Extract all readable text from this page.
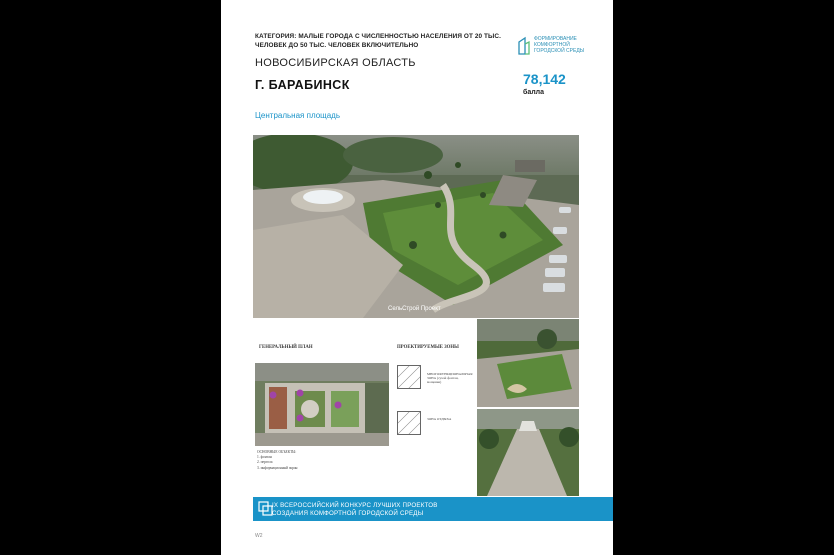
КАТЕГОРИЯ: МАЛЫЕ ГОРОДА С ЧИСЛЕННОСТЬЮ НАСЕЛЕНИЯ ОТ 20 ТЫС. ЧЕЛОВЕК ДО 50 ТЫС. ЧЕЛОВЕК ВКЛЮЧИТЕЛЬНО
ФОРМИРОВАНИЕ
КОМФОРТНОЙ
ГОРОДСКОЙ СРЕДЫ
НОВОСИБИРСКАЯ ОБЛАСТЬ
Г. БАРАБИНСК	78,142
балла
Центральная площадь
СельСтрой Проект
ГЕНЕРАЛЬНЫЙ ПЛАН
ОСНОВНЫЕ ОБЪЕКТЫ:
1. фонтан
2. пергола
3. информационный экран
ПРОЕКТИРУЕМЫЕ ЗОНЫ
МНОГОФУНКЦИОНАЛЬНАЯ ЗОНА (сухой фонтан, мощение)
ЗОНА ОТДЫХА
IX ВСЕРОССИЙСКИЙ КОНКУРС ЛУЧШИХ ПРОЕКТОВ
СОЗДАНИЯ КОМФОРТНОЙ ГОРОДСКОЙ СРЕДЫ
W2
